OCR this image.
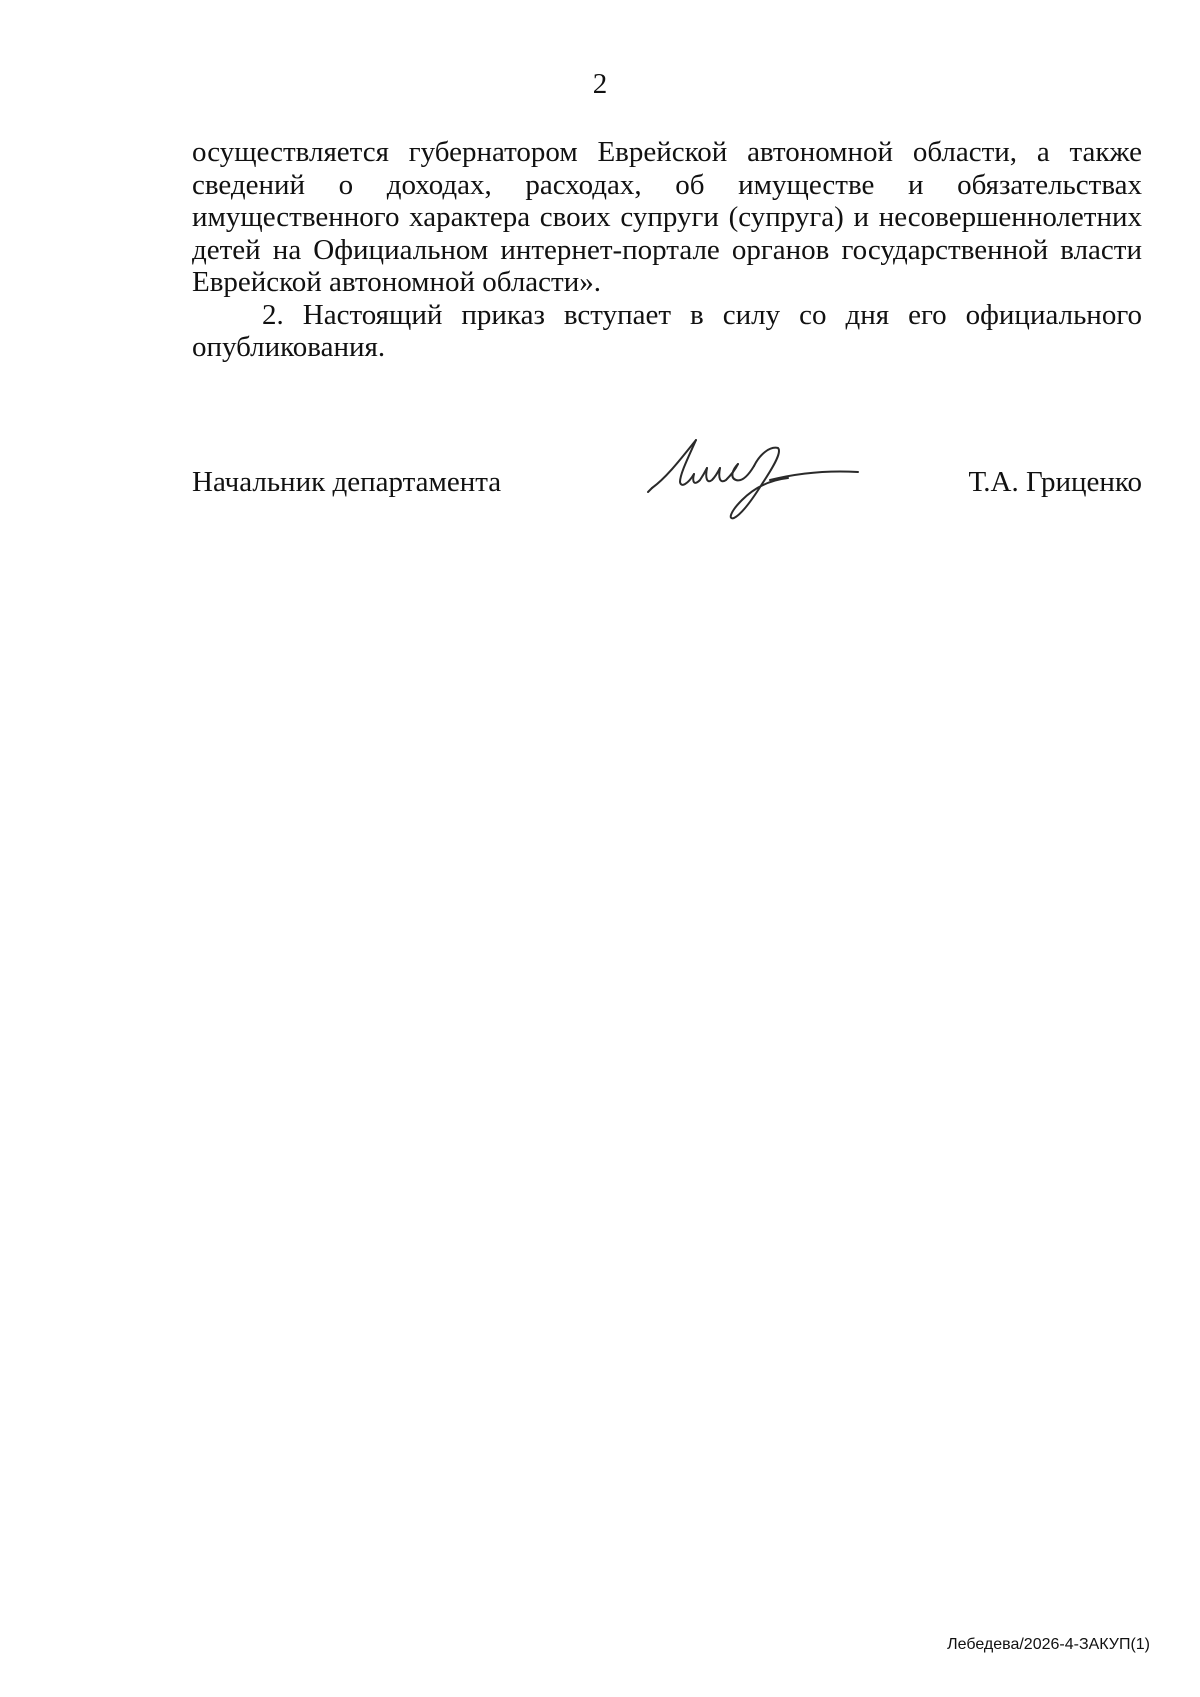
2

осуществляется губернатором Еврейской автономной области, а также сведений о доходах, расходах, об имуществе и обязательствах имущественного характера своих супруги (супруга) и несовершеннолетних детей на Официальном интернет-портале органов государственной власти Еврейской автономной области».

2. Настоящий приказ вступает в силу со дня его официального опубликования.

Начальник департамента	Т.А. Гриценко
Лебедева/2026-4-ЗАКУП(1)
